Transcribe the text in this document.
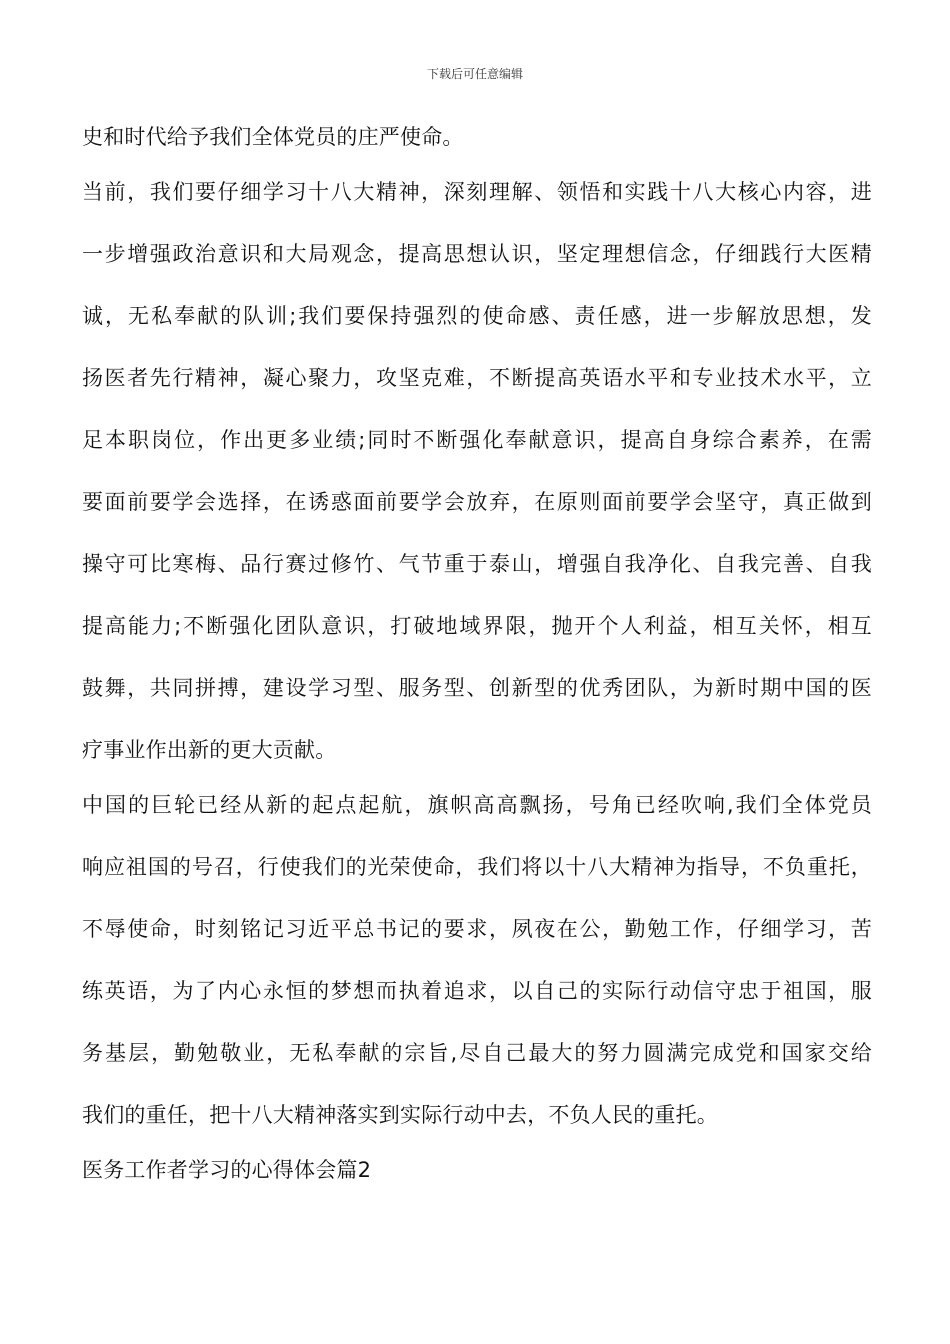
下载后可任意编辑
史和时代给予我们全体党员的庄严使命。
当前，我们要仔细学习十八大精神，深刻理解、领悟和实践十八大核心内容，进
一步增强政治意识和大局观念，提高思想认识，坚定理想信念，仔细践行大医精
诚，无私奉献的队训;我们要保持强烈的使命感、责任感，进一步解放思想，发
扬医者先行精神，凝心聚力，攻坚克难，不断提高英语水平和专业技术水平，立
足本职岗位，作出更多业绩;同时不断强化奉献意识，提高自身综合素养，在需
要面前要学会选择，在诱惑面前要学会放弃，在原则面前要学会坚守，真正做到
操守可比寒梅、品行赛过修竹、气节重于泰山，增强自我净化、自我完善、自我
提高能力;不断强化团队意识，打破地域界限，抛开个人利益，相互关怀，相互
鼓舞，共同拼搏，建设学习型、服务型、创新型的优秀团队，为新时期中国的医
疗事业作出新的更大贡献。
中国的巨轮已经从新的起点起航，旗帜高高飘扬，号角已经吹响,我们全体党员
响应祖国的号召，行使我们的光荣使命，我们将以十八大精神为指导，不负重托，
不辱使命，时刻铭记习近平总书记的要求，夙夜在公，勤勉工作，仔细学习，苦
练英语，为了内心永恒的梦想而执着追求，以自己的实际行动信守忠于祖国，服
务基层，勤勉敬业，无私奉献的宗旨,尽自己最大的努力圆满完成党和国家交给
我们的重任，把十八大精神落实到实际行动中去，不负人民的重托。
医务工作者学习的心得体会篇2
